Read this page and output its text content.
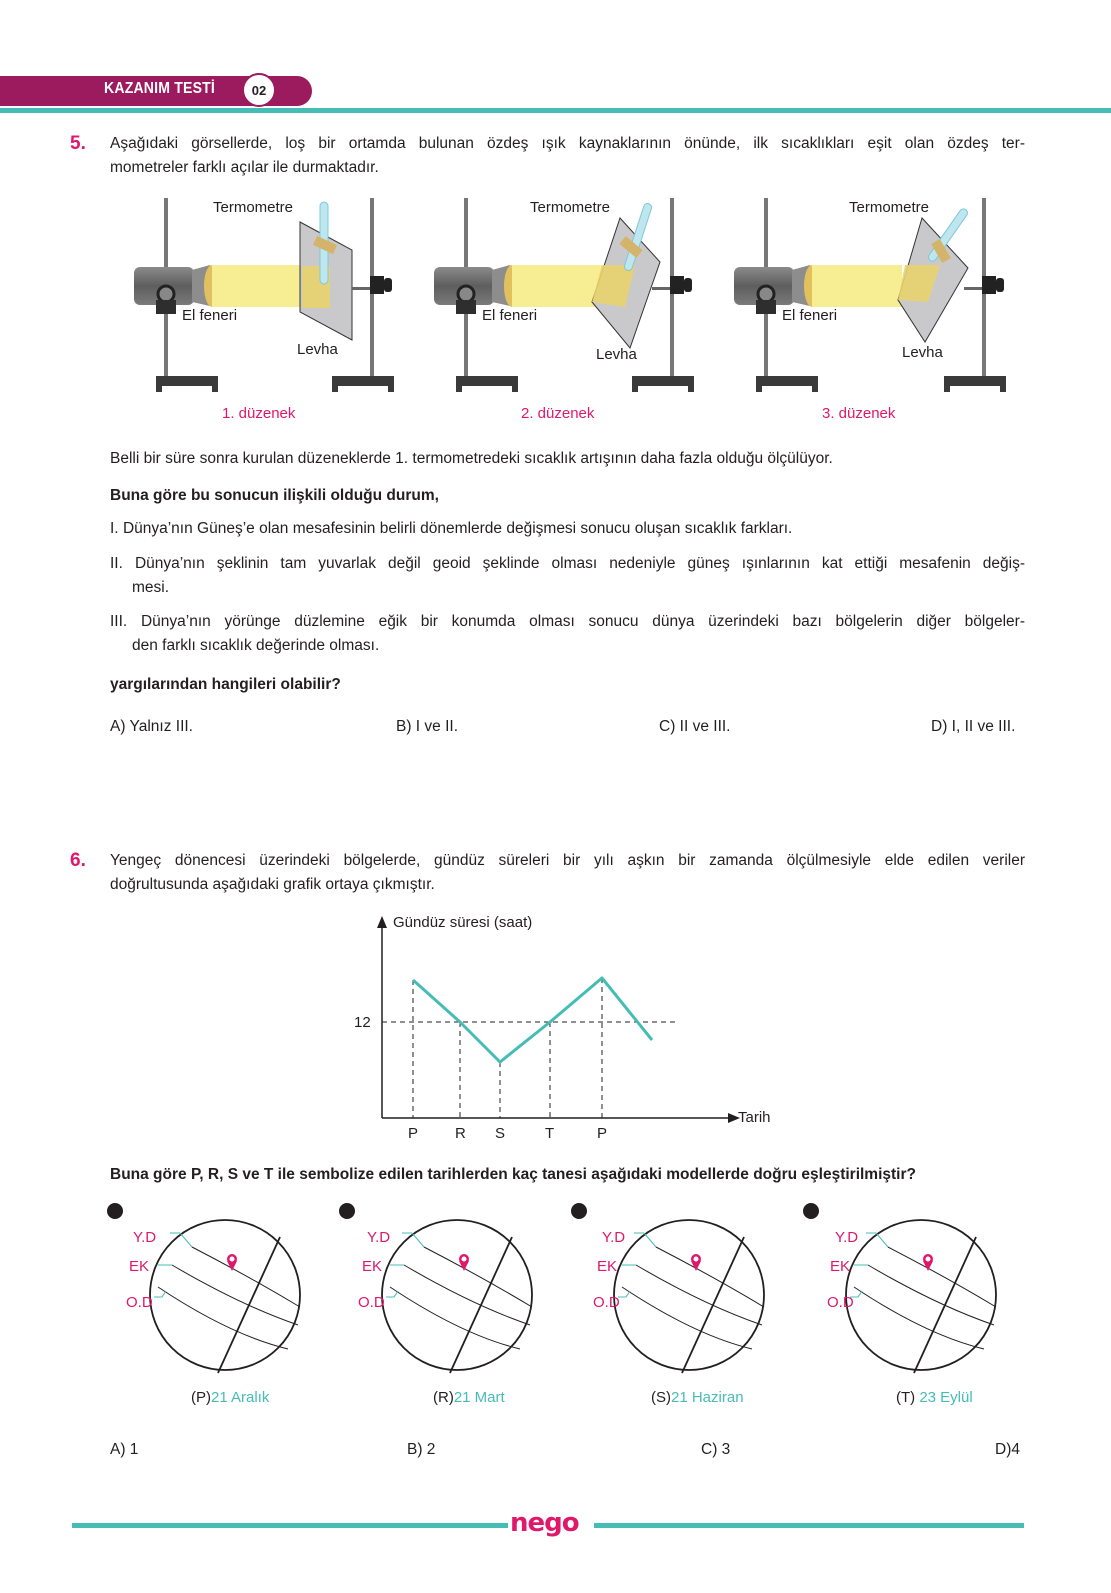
KAZANIM TESTİ	02
5. Aşağıdaki görsellerde, loş bir ortamda bulunan özdeş ışık kaynaklarının önünde, ilk sıcaklıkları eşit olan özdeş ter-
mometreler farklı açılar ile durmaktadır.
Termometre
El feneri
Levha
1. düzenek
Termometre
El feneri
Levha
2. düzenek
Termometre
El feneri
Levha
3. düzenek
Belli bir süre sonra kurulan düzeneklerde 1. termometredeki sıcaklık artışının daha fazla olduğu ölçülüyor.
Buna göre bu sonucun ilişkili olduğu durum,
I. Dünya’nın Güneş’e olan mesafesinin belirli dönemlerde değişmesi sonucu oluşan sıcaklık farkları.
II. Dünya’nın şeklinin tam yuvarlak değil geoid şeklinde olması nedeniyle güneş ışınlarının kat ettiği mesafenin değiş-
mesi.
III. Dünya’nın yörünge düzlemine eğik bir konumda olması sonucu dünya üzerindeki bazı bölgelerin diğer bölgeler-
den farklı sıcaklık değerinde olması.
yargılarından hangileri olabilir?
A) Yalnız III.	B) I ve II.	C) II ve III.	D) I, II ve III.
6. Yengeç dönencesi üzerindeki bölgelerde, gündüz süreleri bir yılı aşkın bir zamanda ölçülmesiyle elde edilen veriler
doğrultusunda aşağıdaki grafik ortaya çıkmıştır.
Gündüz süresi (saat)
12
Tarih
P R S	T	P
Buna göre P, R, S ve T ile sembolize edilen tarihlerden kaç tanesi aşağıdaki modellerde doğru eşleştirilmiştir?
Y.D
EK
O.D
(P)21 Aralık
Y.D
EK
O.D
(R)21 Mart
Y.D
EK
O.D
(S)21 Haziran
Y.D
EK
O.D
(T) 23 Eylül
A) 1	B) 2	C) 3	D)4
nego
